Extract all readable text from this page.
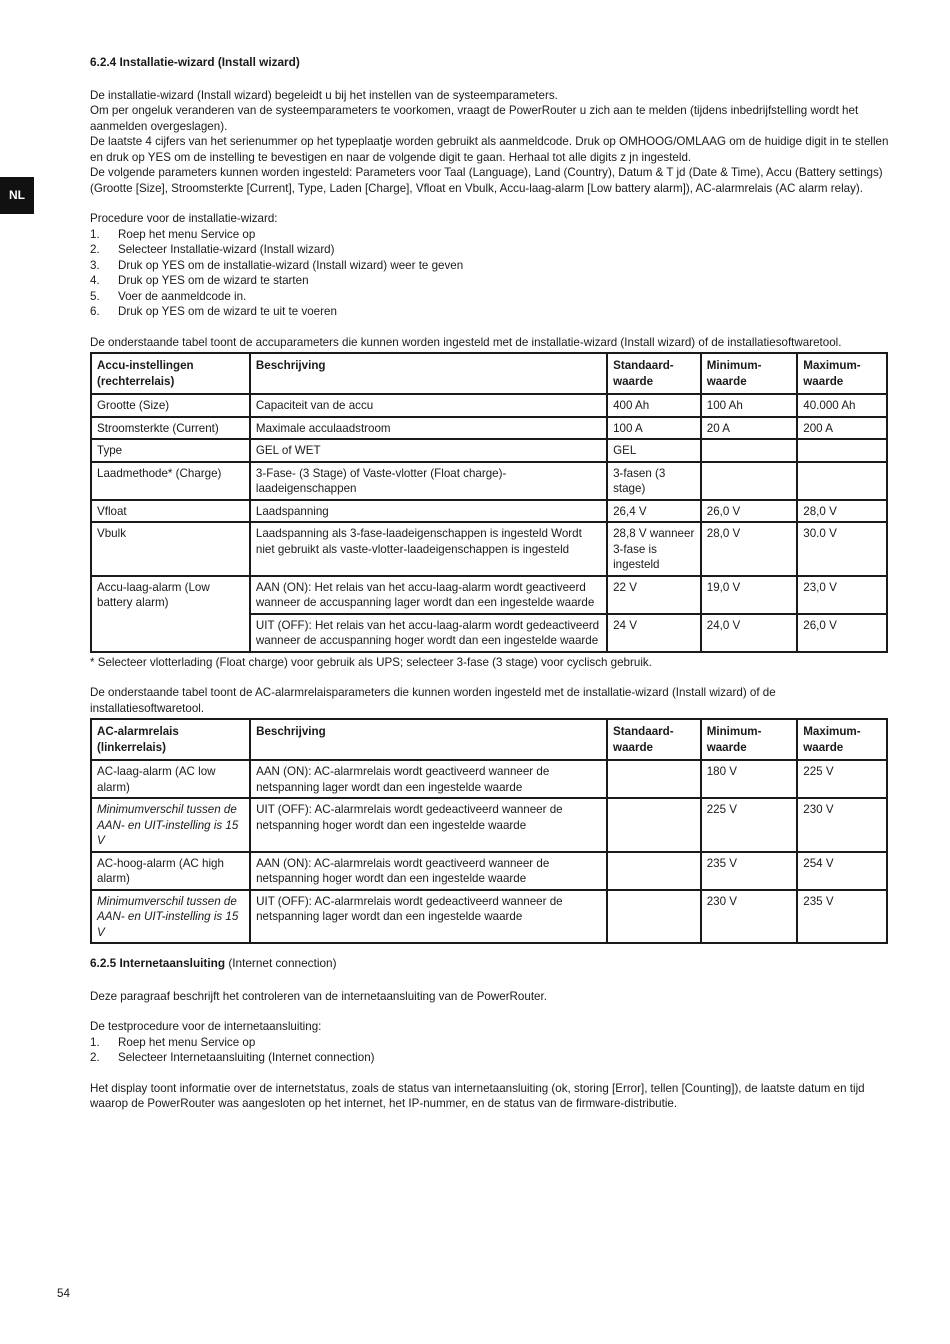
NL
6.2.4 Installatie-wizard (Install wizard)

De installatie-wizard (Install wizard) begeleidt u bij het instellen van de systeemparameters.

Om per ongeluk veranderen van de systeemparameters te voorkomen, vraagt de PowerRouter u zich aan te melden (tijdens inbedrijfstelling wordt het aanmelden overgeslagen).

De laatste 4 cijfers van het serienummer op het typeplaatje worden gebruikt als aanmeldcode. Druk op OMHOOG/OMLAAG om de huidige digit in te stellen en druk op YES om de instelling te bevestigen en naar de volgende digit te gaan. Herhaal tot alle digits z jn ingesteld.

De volgende parameters kunnen worden ingesteld: Parameters voor Taal (Language), Land (Country), Datum & T jd (Date & Time), Accu (Battery settings) (Grootte [Size], Stroomsterkte [Current], Type, Laden [Charge], Vfloat en Vbulk, Accu-laag-alarm [Low battery alarm]), AC-alarmrelais (AC alarm relay).

Procedure voor de installatie-wizard:

1.	Roep het menu Service op
2.	Selecteer Installatie-wizard (Install wizard)
3.	Druk op YES om de installatie-wizard (Install wizard) weer te geven
4.	Druk op YES om de wizard te starten
5.	Voer de aanmeldcode in.
6.	Druk op YES om de wizard te uit te voeren

De onderstaande tabel toont de accuparameters die kunnen worden ingesteld met de installatie-wizard (Install wizard) of de installatiesoftwaretool.

Accu-instellingen (rechterrelais)	Beschrijving	Standaard-waarde	Minimum-waarde	Maximum-waarde
Grootte (Size)	Capaciteit van de accu	400 Ah	100 Ah	40.000 Ah
Stroomsterkte (Current)	Maximale acculaadstroom	100 A	20 A	200 A
Type	GEL of WET	GEL		
Laadmethode* (Charge)	3-Fase- (3 Stage) of Vaste-vlotter (Float charge)-laadeigenschappen	3-fasen (3 stage)		
Vfloat	Laadspanning	26,4 V	26,0 V	28,0 V
Vbulk	Laadspanning als 3-fase-laadeigenschappen is ingesteld Wordt niet gebruikt als vaste-vlotter-laadeigenschappen is ingesteld	28,8 V wanneer 3-fase is ingesteld	28,0 V	30.0 V
Accu-laag-alarm (Low battery alarm)	AAN (ON): Het relais van het accu-laag-alarm wordt geactiveerd wanneer de accuspanning lager wordt dan een ingestelde waarde	22 V	19,0 V	23,0 V
	UIT (OFF): Het relais van het accu-laag-alarm wordt gedeactiveerd wanneer de accuspanning hoger wordt dan een ingestelde waarde	24 V	24,0 V	26,0 V

* Selecteer vlotterlading (Float charge) voor gebruik als UPS; selecteer 3-fase (3 stage) voor cyclisch gebruik.

De onderstaande tabel toont de AC-alarmrelaisparameters die kunnen worden ingesteld met de installatie-wizard (Install wizard) of de installatiesoftwaretool.

AC-alarmrelais (linkerrelais)	Beschrijving	Standaard-waarde	Minimum-waarde	Maximum-waarde
AC-laag-alarm (AC low alarm)	AAN (ON): AC-alarmrelais wordt geactiveerd wanneer de netspanning lager wordt dan een ingestelde waarde		180 V	225 V
Minimumverschil tussen de AAN- en UIT-instelling is 15 V	UIT (OFF): AC-alarmrelais wordt gedeactiveerd wanneer de netspanning hoger wordt dan een ingestelde waarde		225 V	230 V
AC-hoog-alarm (AC high alarm)	AAN (ON): AC-alarmrelais wordt geactiveerd wanneer de netspanning hoger wordt dan een ingestelde waarde		235 V	254 V
Minimumverschil tussen de AAN- en UIT-instelling is 15 V	UIT (OFF): AC-alarmrelais wordt gedeactiveerd wanneer de netspanning lager wordt dan een ingestelde waarde		230 V	235 V
6.2.5 Internetaansluiting (Internet connection)

Deze paragraaf beschrijft het controleren van de internetaansluiting van de PowerRouter.

De testprocedure voor de internetaansluiting:

1.	Roep het menu Service op
2.	Selecteer Internetaansluiting (Internet connection)

Het display toont informatie over de internetstatus, zoals de status van internetaansluiting (ok, storing [Error], tellen [Counting]), de laatste datum en tijd waarop de PowerRouter was aangesloten op het internet, het IP-nummer, en de status van de firmware-distributie.

54
